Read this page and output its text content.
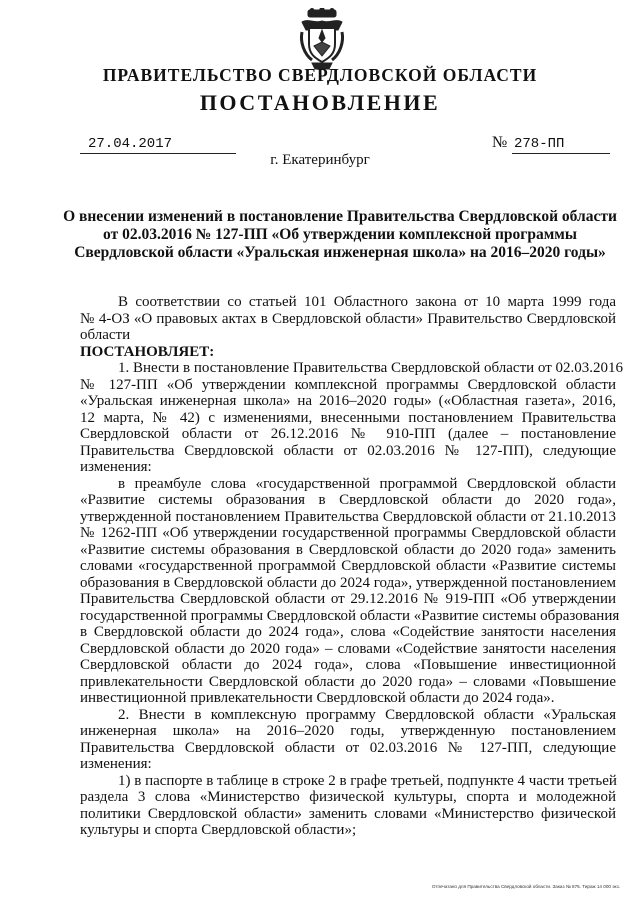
ПРАВИТЕЛЬСТВО СВЕРДЛОВСКОЙ ОБЛАСТИ
ПОСТАНОВЛЕНИЕ
27.04.2017	№ 278-ПП
г. Екатеринбург
О внесении изменений в постановление Правительства Свердловской области
от 02.03.2016 № 127-ПП «Об утверждении комплексной программы
Свердловской области «Уральская инженерная школа» на 2016–2020 годы»
В соответствии со статьей 101 Областного закона от 10 марта 1999 года
№ 4-ОЗ «О правовых актах в Свердловской области» Правительство Свердловской
области
ПОСТАНОВЛЯЕТ:
1. Внести в постановление Правительства Свердловской области от 02.03.2016
№ 127-ПП «Об утверждении комплексной программы Свердловской области
«Уральская инженерная школа» на 2016–2020 годы» («Областная газета», 2016,
12 марта, № 42) с изменениями, внесенными постановлением Правительства
Свердловской области от 26.12.2016 № 910-ПП (далее – постановление
Правительства Свердловской области от 02.03.2016 № 127-ПП), следующие
изменения:
в преамбуле слова «государственной программой Свердловской области
«Развитие системы образования в Свердловской области до 2020 года»,
утвержденной постановлением Правительства Свердловской области от 21.10.2013
№ 1262-ПП «Об утверждении государственной программы Свердловской области
«Развитие системы образования в Свердловской области до 2020 года» заменить
словами «государственной программой Свердловской области «Развитие системы
образования в Свердловской области до 2024 года», утвержденной постановлением
Правительства Свердловской области от 29.12.2016 № 919-ПП «Об утверждении
государственной программы Свердловской области «Развитие системы образования
в Свердловской области до 2024 года», слова «Содействие занятости населения
Свердловской области до 2020 года» – словами «Содействие занятости населения
Свердловской области до 2024 года», слова «Повышение инвестиционной
привлекательности Свердловской области до 2020 года» – словами «Повышение
инвестиционной привлекательности Свердловской области до 2024 года».
2. Внести в комплексную программу Свердловской области «Уральская
инженерная школа» на 2016–2020 годы, утвержденную постановлением
Правительства Свердловской области от 02.03.2016 № 127-ПП, следующие
изменения:
1) в паспорте в таблице в строке 2 в графе третьей, подпункте 4 части третьей
раздела 3 слова «Министерство физической культуры, спорта и молодежной
политики Свердловской области» заменить словами «Министерство физической
культуры и спорта Свердловской области»;
Отпечатано для Правительства Свердловской области. Заказ № 875. Тираж 14 000 экз.
